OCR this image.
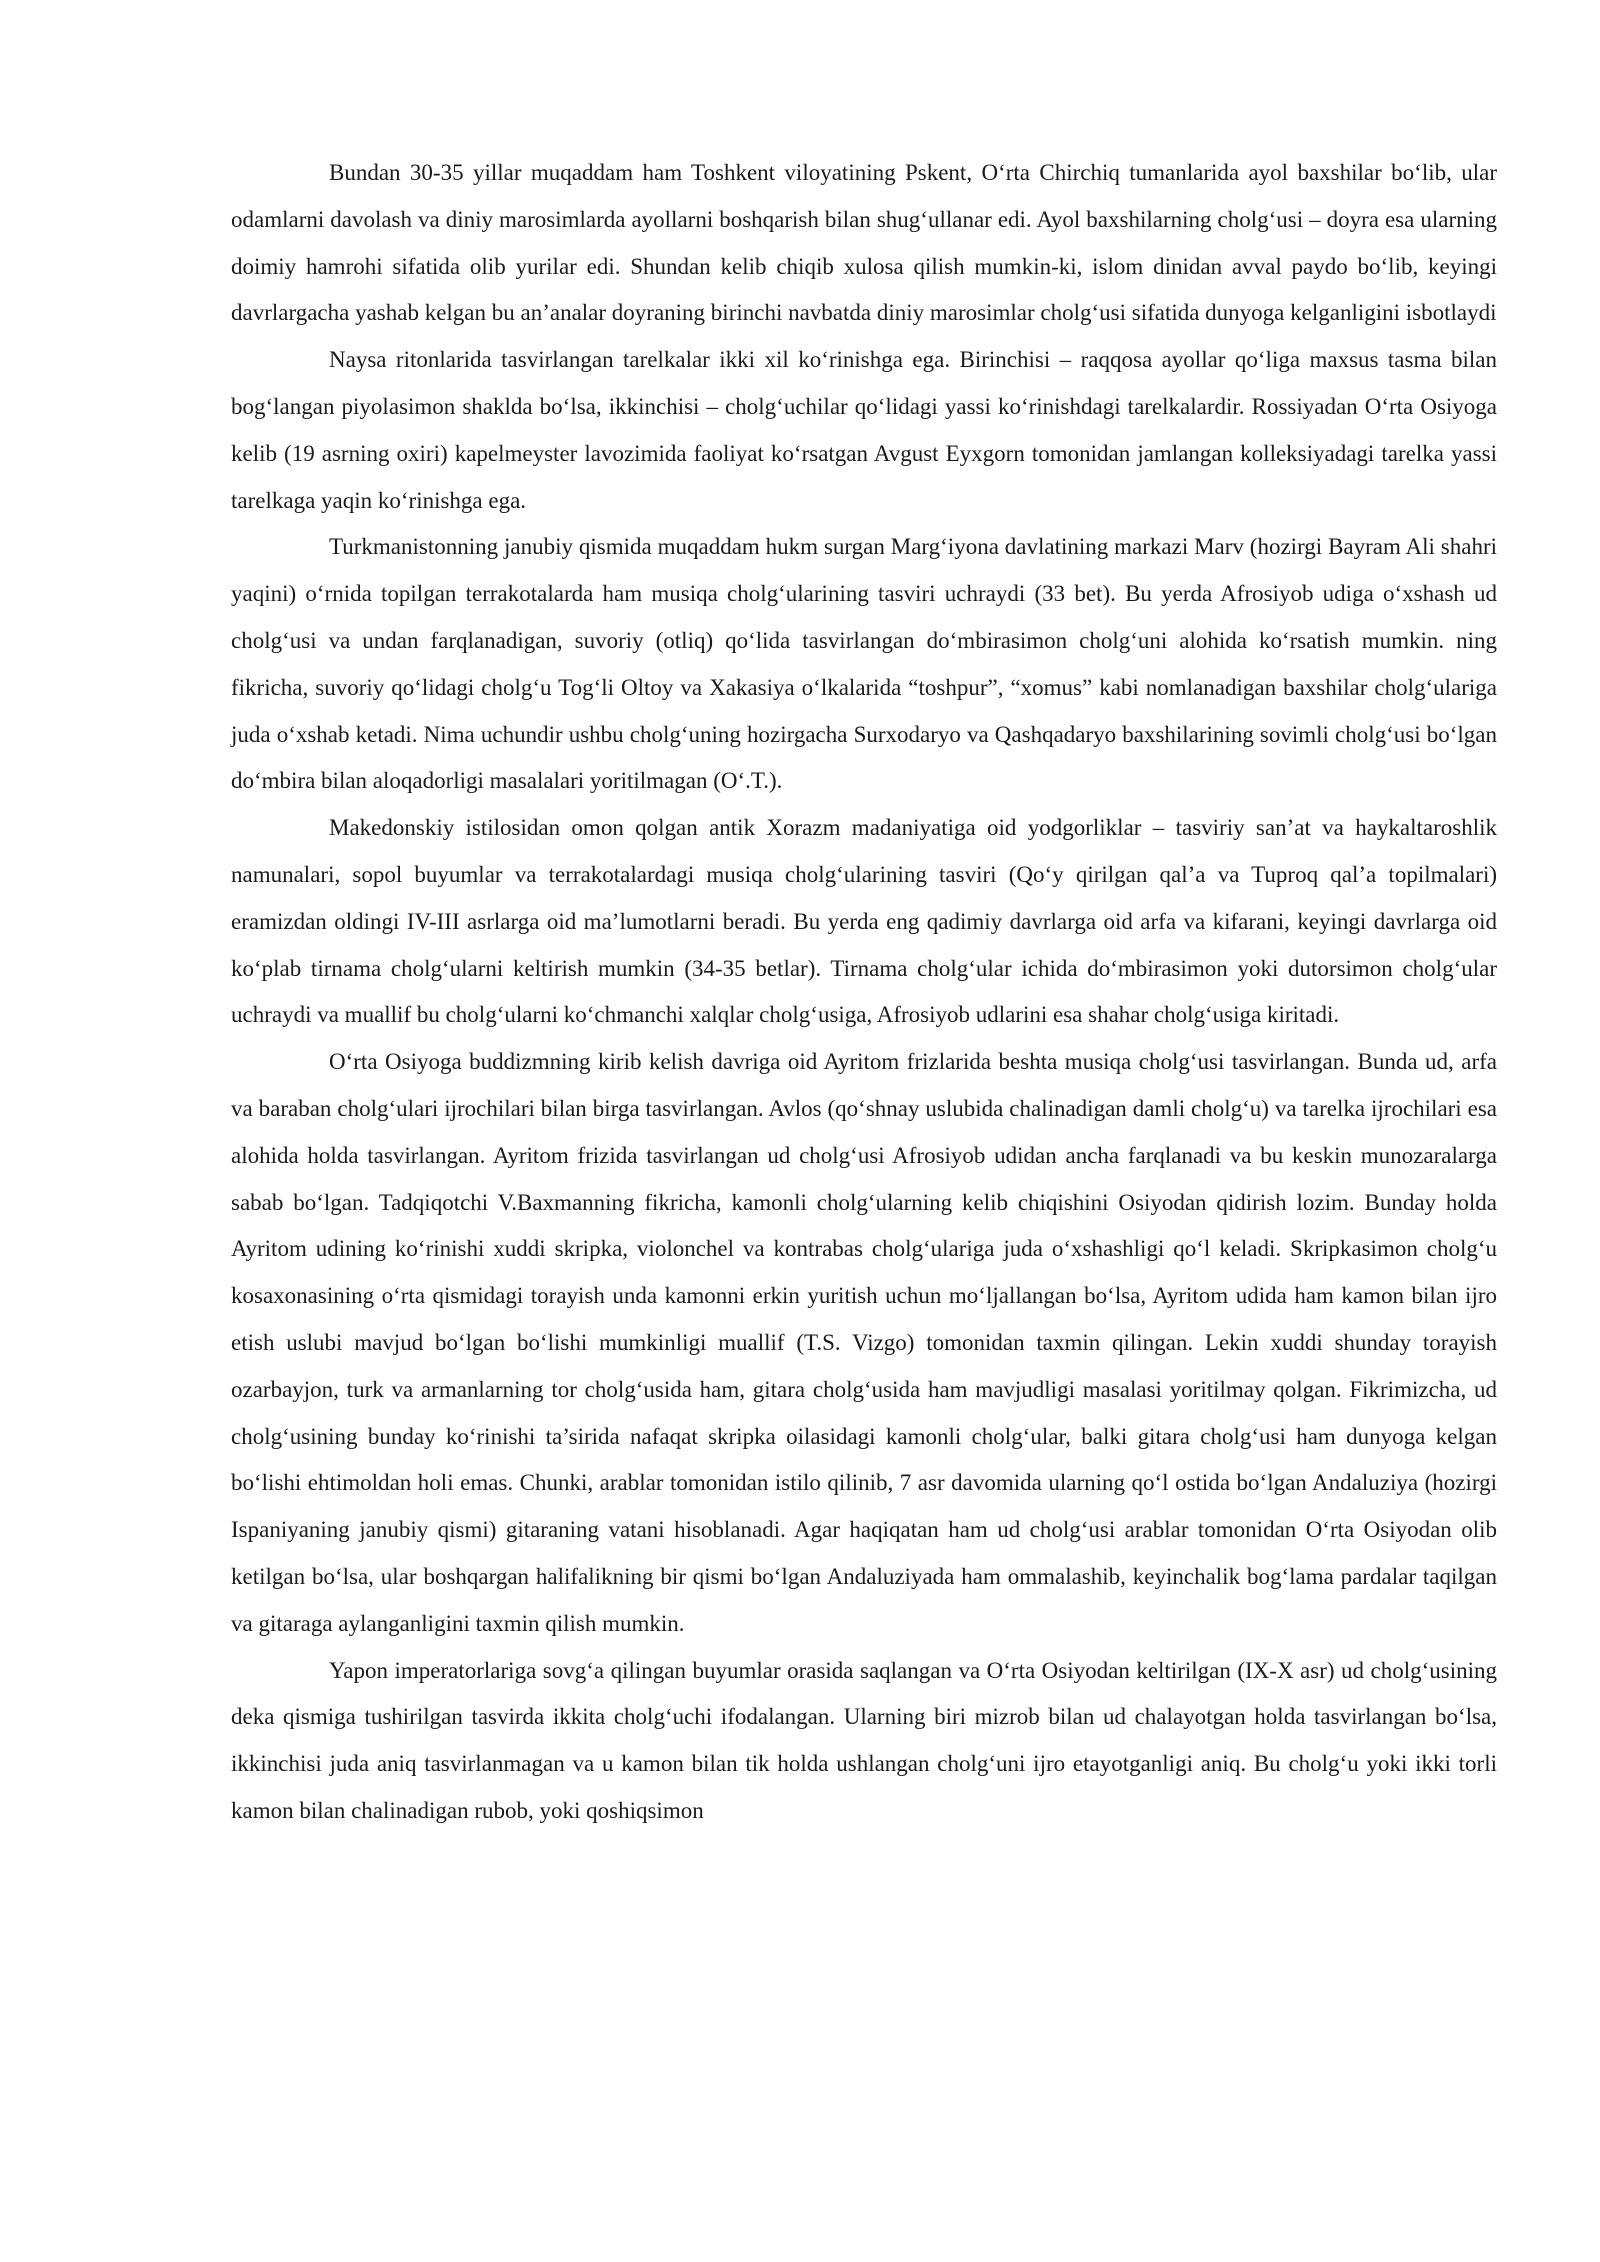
Bundan 30-35 yillar muqaddam ham Toshkent viloyatining Pskent, O‘rta Chirchiq tumanlarida ayol baxshilar bo‘lib, ular odamlarni davolash va diniy marosimlarda ayollarni boshqarish bilan shug‘ullanar edi. Ayol baxshilarning cholg‘usi – doyra esa ularning doimiy hamrohi sifatida olib yurilar edi. Shundan kelib chiqib xulosa qilish mumkin-ki, islom dinidan avval paydo bo‘lib, keyingi davrlargacha yashab kelgan bu an’analar doyraning birinchi navbatda diniy marosimlar cholg‘usi sifatida dunyoga kelganligini isbotlaydi

Naysa ritonlarida tasvirlangan tarelkalar ikki xil ko‘rinishga ega. Birinchisi – raqqosa ayollar qo‘liga maxsus tasma bilan bog‘langan piyolasimon shaklda bo‘lsa, ikkinchisi – cholg‘uchilar qo‘lidagi yassi ko‘rinishdagi tarelkalardir. Rossiyadan O‘rta Osiyoga kelib (19 asrning oxiri) kapelmeyster lavozimida faoliyat ko‘rsatgan Avgust Eyxgorn tomonidan jamlangan kolleksiyadagi tarelka yassi tarelkaga yaqin ko‘rinishga ega.

Turkmanistonning janubiy qismida muqaddam hukm surgan Marg‘iyona davlatining markazi Marv (hozirgi Bayram Ali shahri yaqini) o‘rnida topilgan terrakotalarda ham musiqa cholg‘ularining tasviri uchraydi (33 bet). Bu yerda Afrosiyob udiga o‘xshash ud cholg‘usi va undan farqlanadigan, suvoriy (otliq) qo‘lida tasvirlangan do‘mbirasimon cholg‘uni alohida ko‘rsatish mumkin. ning fikricha, suvoriy qo‘lidagi cholg‘u Tog‘li Oltoy va Xakasiya o‘lkalarida “toshpur”, “xomus” kabi nomlanadigan baxshilar cholg‘ulariga juda o‘xshab ketadi. Nima uchundir ushbu cholg‘uning hozirgacha Surxodaryo va Qashqadaryo baxshilarining sovimli cholg‘usi bo‘lgan do‘mbira bilan aloqadorligi masalalari yoritilmagan (O‘.T.).

Makedonskiy istilosidan omon qolgan antik Xorazm madaniyatiga oid yodgorliklar – tasviriy san’at va haykaltaroshlik namunalari, sopol buyumlar va terrakotalardagi musiqa cholg‘ularining tasviri (Qo‘y qirilgan qal’a va Tuproq qal’a topilmalari) eramizdan oldingi IV-III asrlarga oid ma’lumotlarni beradi. Bu yerda eng qadimiy davrlarga oid arfa va kifarani, keyingi davrlarga oid ko‘plab tirnama cholg‘ularni keltirish mumkin (34-35 betlar). Tirnama cholg‘ular ichida do‘mbirasimon yoki dutorsimon cholg‘ular uchraydi va muallif bu cholg‘ularni ko‘chmanchi xalqlar cholg‘usiga, Afrosiyob udlarini esa shahar cholg‘usiga kiritadi.

O‘rta Osiyoga buddizmning kirib kelish davriga oid Ayritom frizlarida beshta musiqa cholg‘usi tasvirlangan. Bunda ud, arfa va baraban cholg‘ulari ijrochilari bilan birga tasvirlangan. Avlos (qo‘shnay uslubida chalinadigan damli cholg‘u) va tarelka ijrochilari esa alohida holda tasvirlangan. Ayritom frizida tasvirlangan ud cholg‘usi Afrosiyob udidan ancha farqlanadi va bu keskin munozaralarga sabab bo‘lgan. Tadqiqotchi V.Baxmanning fikricha, kamonli cholg‘ularning kelib chiqishini Osiyodan qidirish lozim. Bunday holda Ayritom udining ko‘rinishi xuddi skripka, violonchel va kontrabas cholg‘ulariga juda o‘xshashligi qo‘l keladi. Skripkasimon cholg‘u kosaxonasining o‘rta qismidagi torayish unda kamonni erkin yuritish uchun mo‘ljallangan bo‘lsa, Ayritom udida ham kamon bilan ijro etish uslubi mavjud bo‘lgan bo‘lishi mumkinligi muallif (T.S. Vizgo) tomonidan taxmin qilingan. Lekin xuddi shunday torayish ozarbayjon, turk va armanlarning tor cholg‘usida ham, gitara cholg‘usida ham mavjudligi masalasi yoritilmay qolgan. Fikrimizcha, ud cholg‘usining bunday ko‘rinishi ta’sirida nafaqat skripka oilasidagi kamonli cholg‘ular, balki gitara cholg‘usi ham dunyoga kelgan bo‘lishi ehtimoldan holi emas. Chunki, arablar tomonidan istilo qilinib, 7 asr davomida ularning qo‘l ostida bo‘lgan Andaluziya (hozirgi Ispaniyaning janubiy qismi) gitaraning vatani hisoblanadi. Agar haqiqatan ham ud cholg‘usi arablar tomonidan O‘rta Osiyodan olib ketilgan bo‘lsa, ular boshqargan halifalikning bir qismi bo‘lgan Andaluziyada ham ommalashib, keyinchalik bog‘lama pardalar taqilgan va gitaraga aylanganligini taxmin qilish mumkin.

Yapon imperatorlariga sovg‘a qilingan buyumlar orasida saqlangan va O‘rta Osiyodan keltirilgan (IX-X asr) ud cholg‘usining deka qismiga tushirilgan tasvirda ikkita cholg‘uchi ifodalangan. Ularning biri mizrob bilan ud chalayotgan holda tasvirlangan bo‘lsa, ikkinchisi juda aniq tasvirlanmagan va u kamon bilan tik holda ushlangan cholg‘uni ijro etayotganligi aniq. Bu cholg‘u yoki ikki torli kamon bilan chalinadigan rubob, yoki qoshiqsimon
